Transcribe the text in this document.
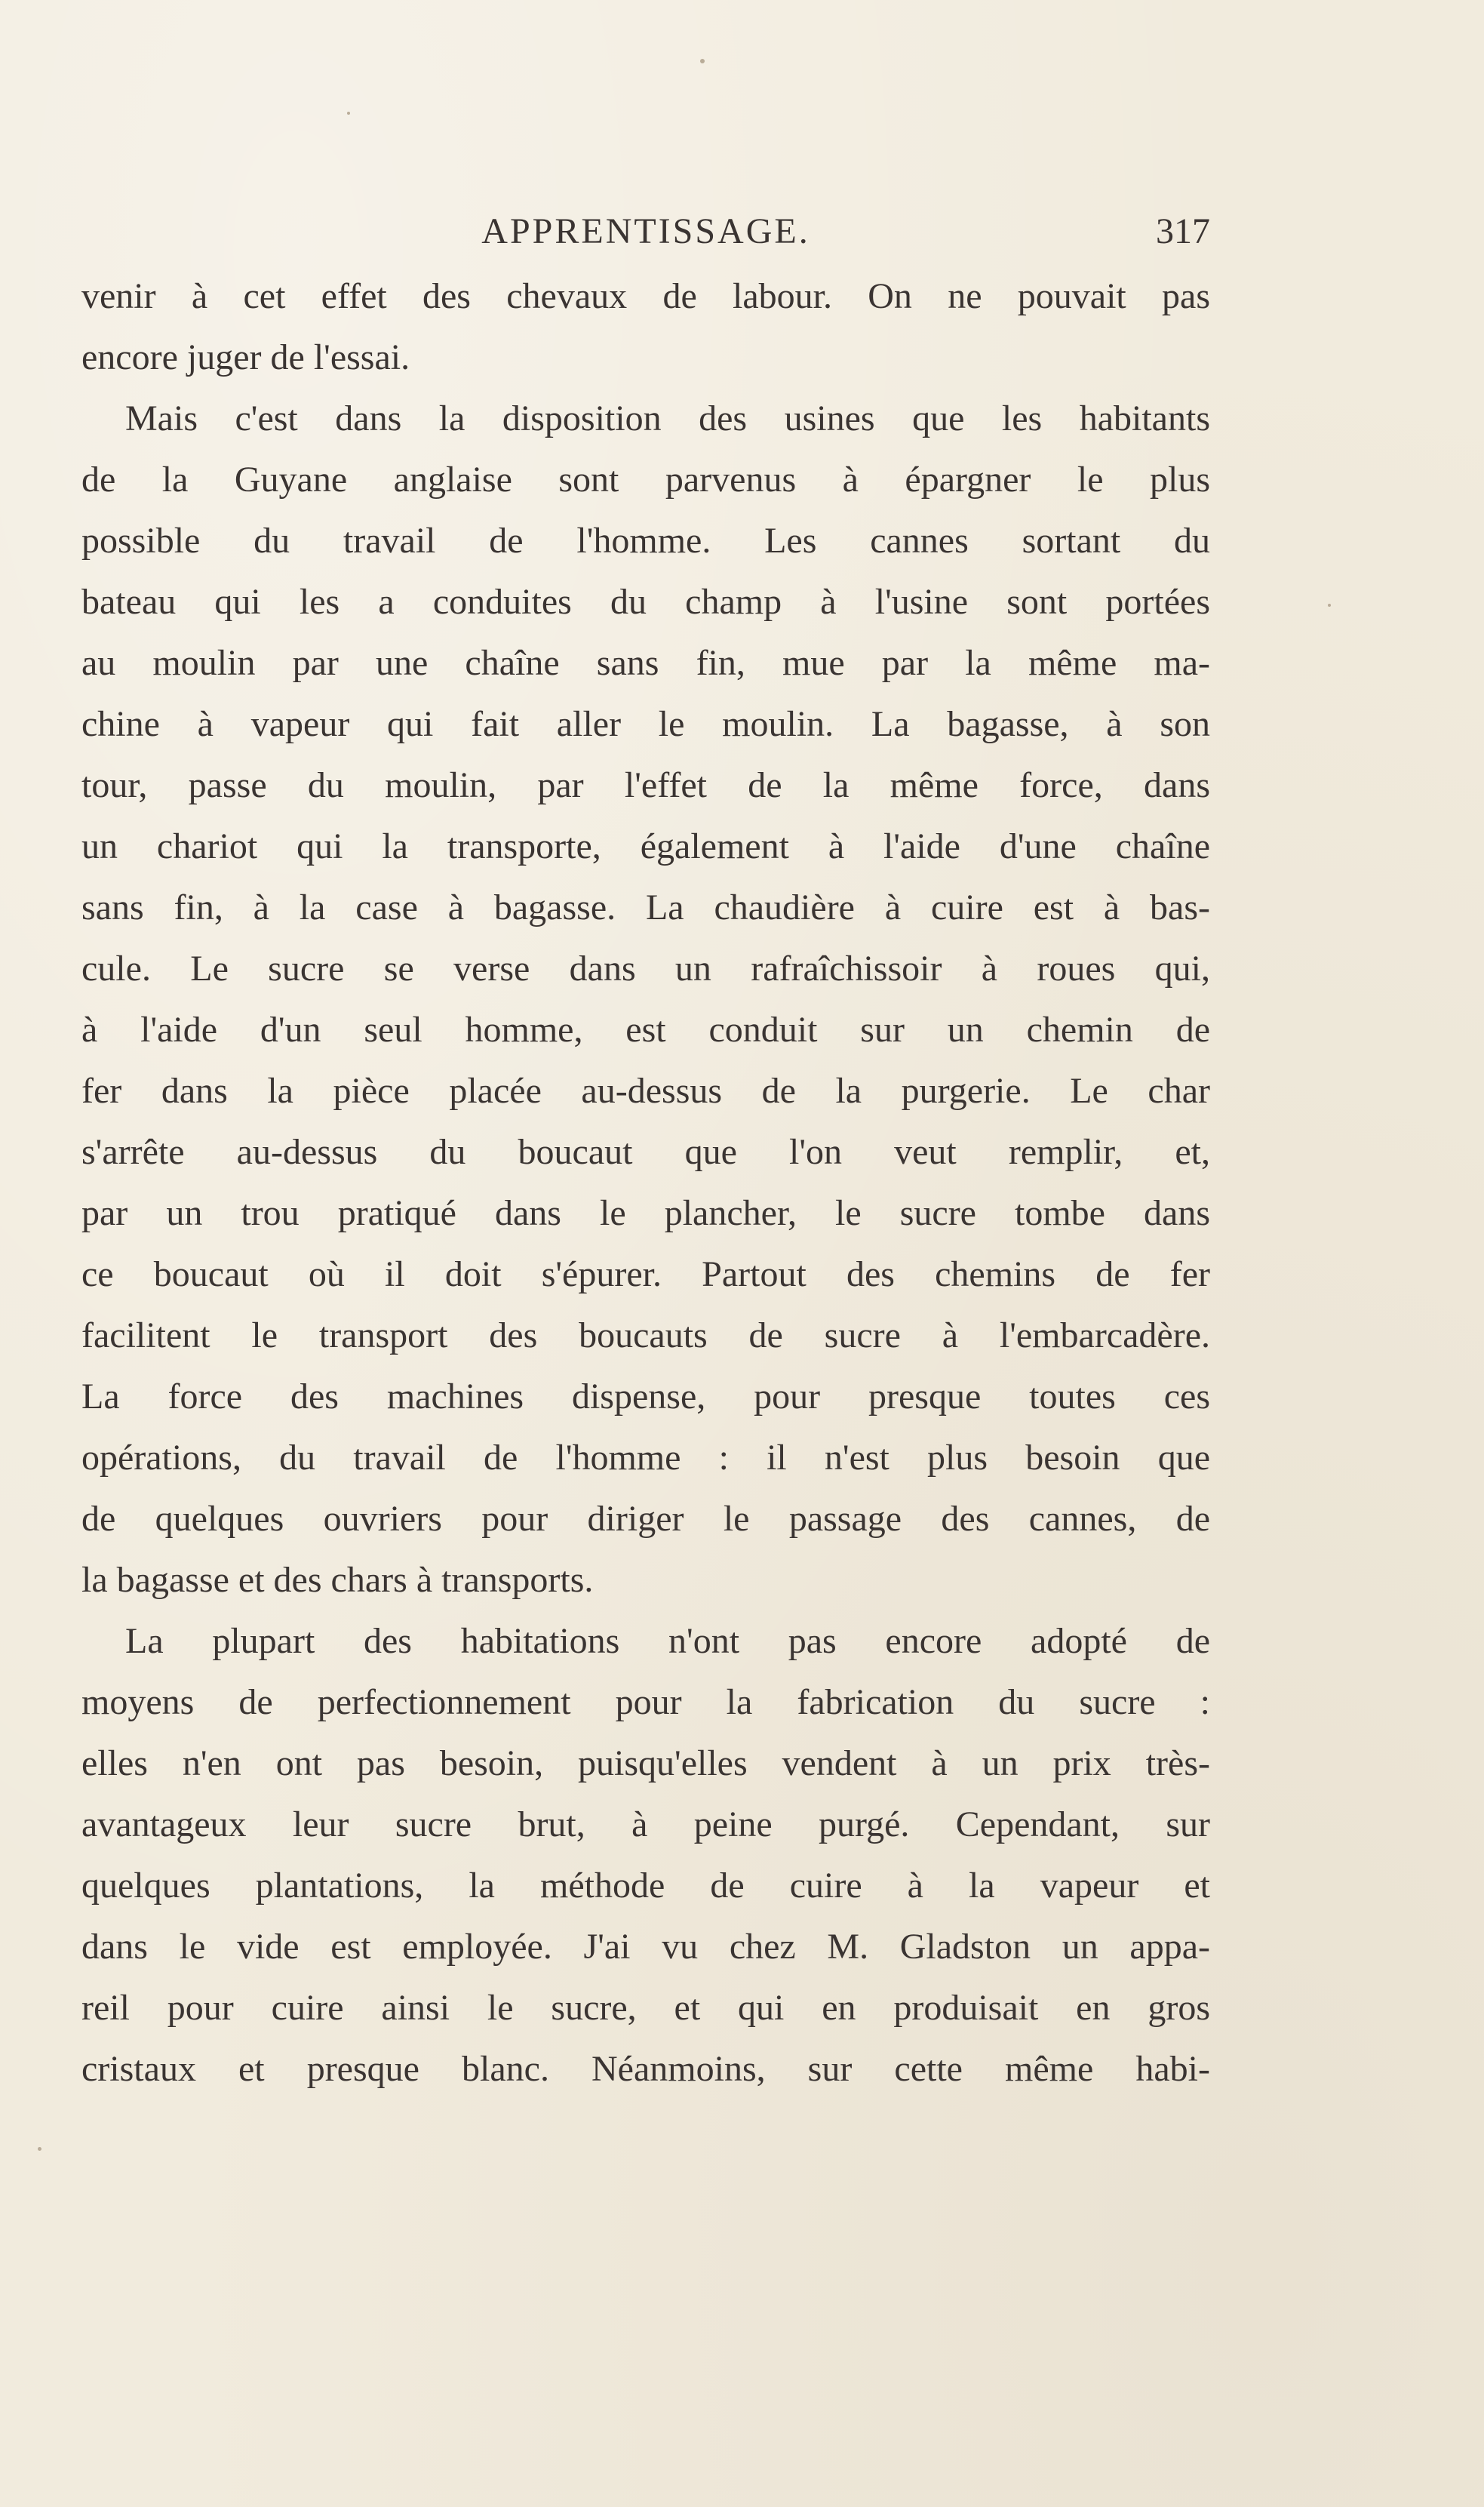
APPRENTISSAGE.	317

venir à cet effet des chevaux de labour. On ne pouvait pas
encore juger de l'essai.

Mais c'est dans la disposition des usines que les habitants
de la Guyane anglaise sont parvenus à épargner le plus
possible du travail de l'homme. Les cannes sortant du
bateau qui les a conduites du champ à l'usine sont portées
au moulin par une chaîne sans fin, mue par la même ma-
chine à vapeur qui fait aller le moulin. La bagasse, à son
tour, passe du moulin, par l'effet de la même force, dans
un chariot qui la transporte, également à l'aide d'une chaîne
sans fin, à la case à bagasse. La chaudière à cuire est à bas-
cule. Le sucre se verse dans un rafraîchissoir à roues qui,
à l'aide d'un seul homme, est conduit sur un chemin de
fer dans la pièce placée au-dessus de la purgerie. Le char
s'arrête au-dessus du boucaut que l'on veut remplir, et,
par un trou pratiqué dans le plancher, le sucre tombe dans
ce boucaut où il doit s'épurer. Partout des chemins de fer
facilitent le transport des boucauts de sucre à l'embarcadère.
La force des machines dispense, pour presque toutes ces
opérations, du travail de l'homme : il n'est plus besoin que
de quelques ouvriers pour diriger le passage des cannes, de
la bagasse et des chars à transports.

La plupart des habitations n'ont pas encore adopté de
moyens de perfectionnement pour la fabrication du sucre :
elles n'en ont pas besoin, puisqu'elles vendent à un prix très-
avantageux leur sucre brut, à peine purgé. Cependant, sur
quelques plantations, la méthode de cuire à la vapeur et
dans le vide est employée. J'ai vu chez M. Gladston un appa-
reil pour cuire ainsi le sucre, et qui en produisait en gros
cristaux et presque blanc. Néanmoins, sur cette même habi-
